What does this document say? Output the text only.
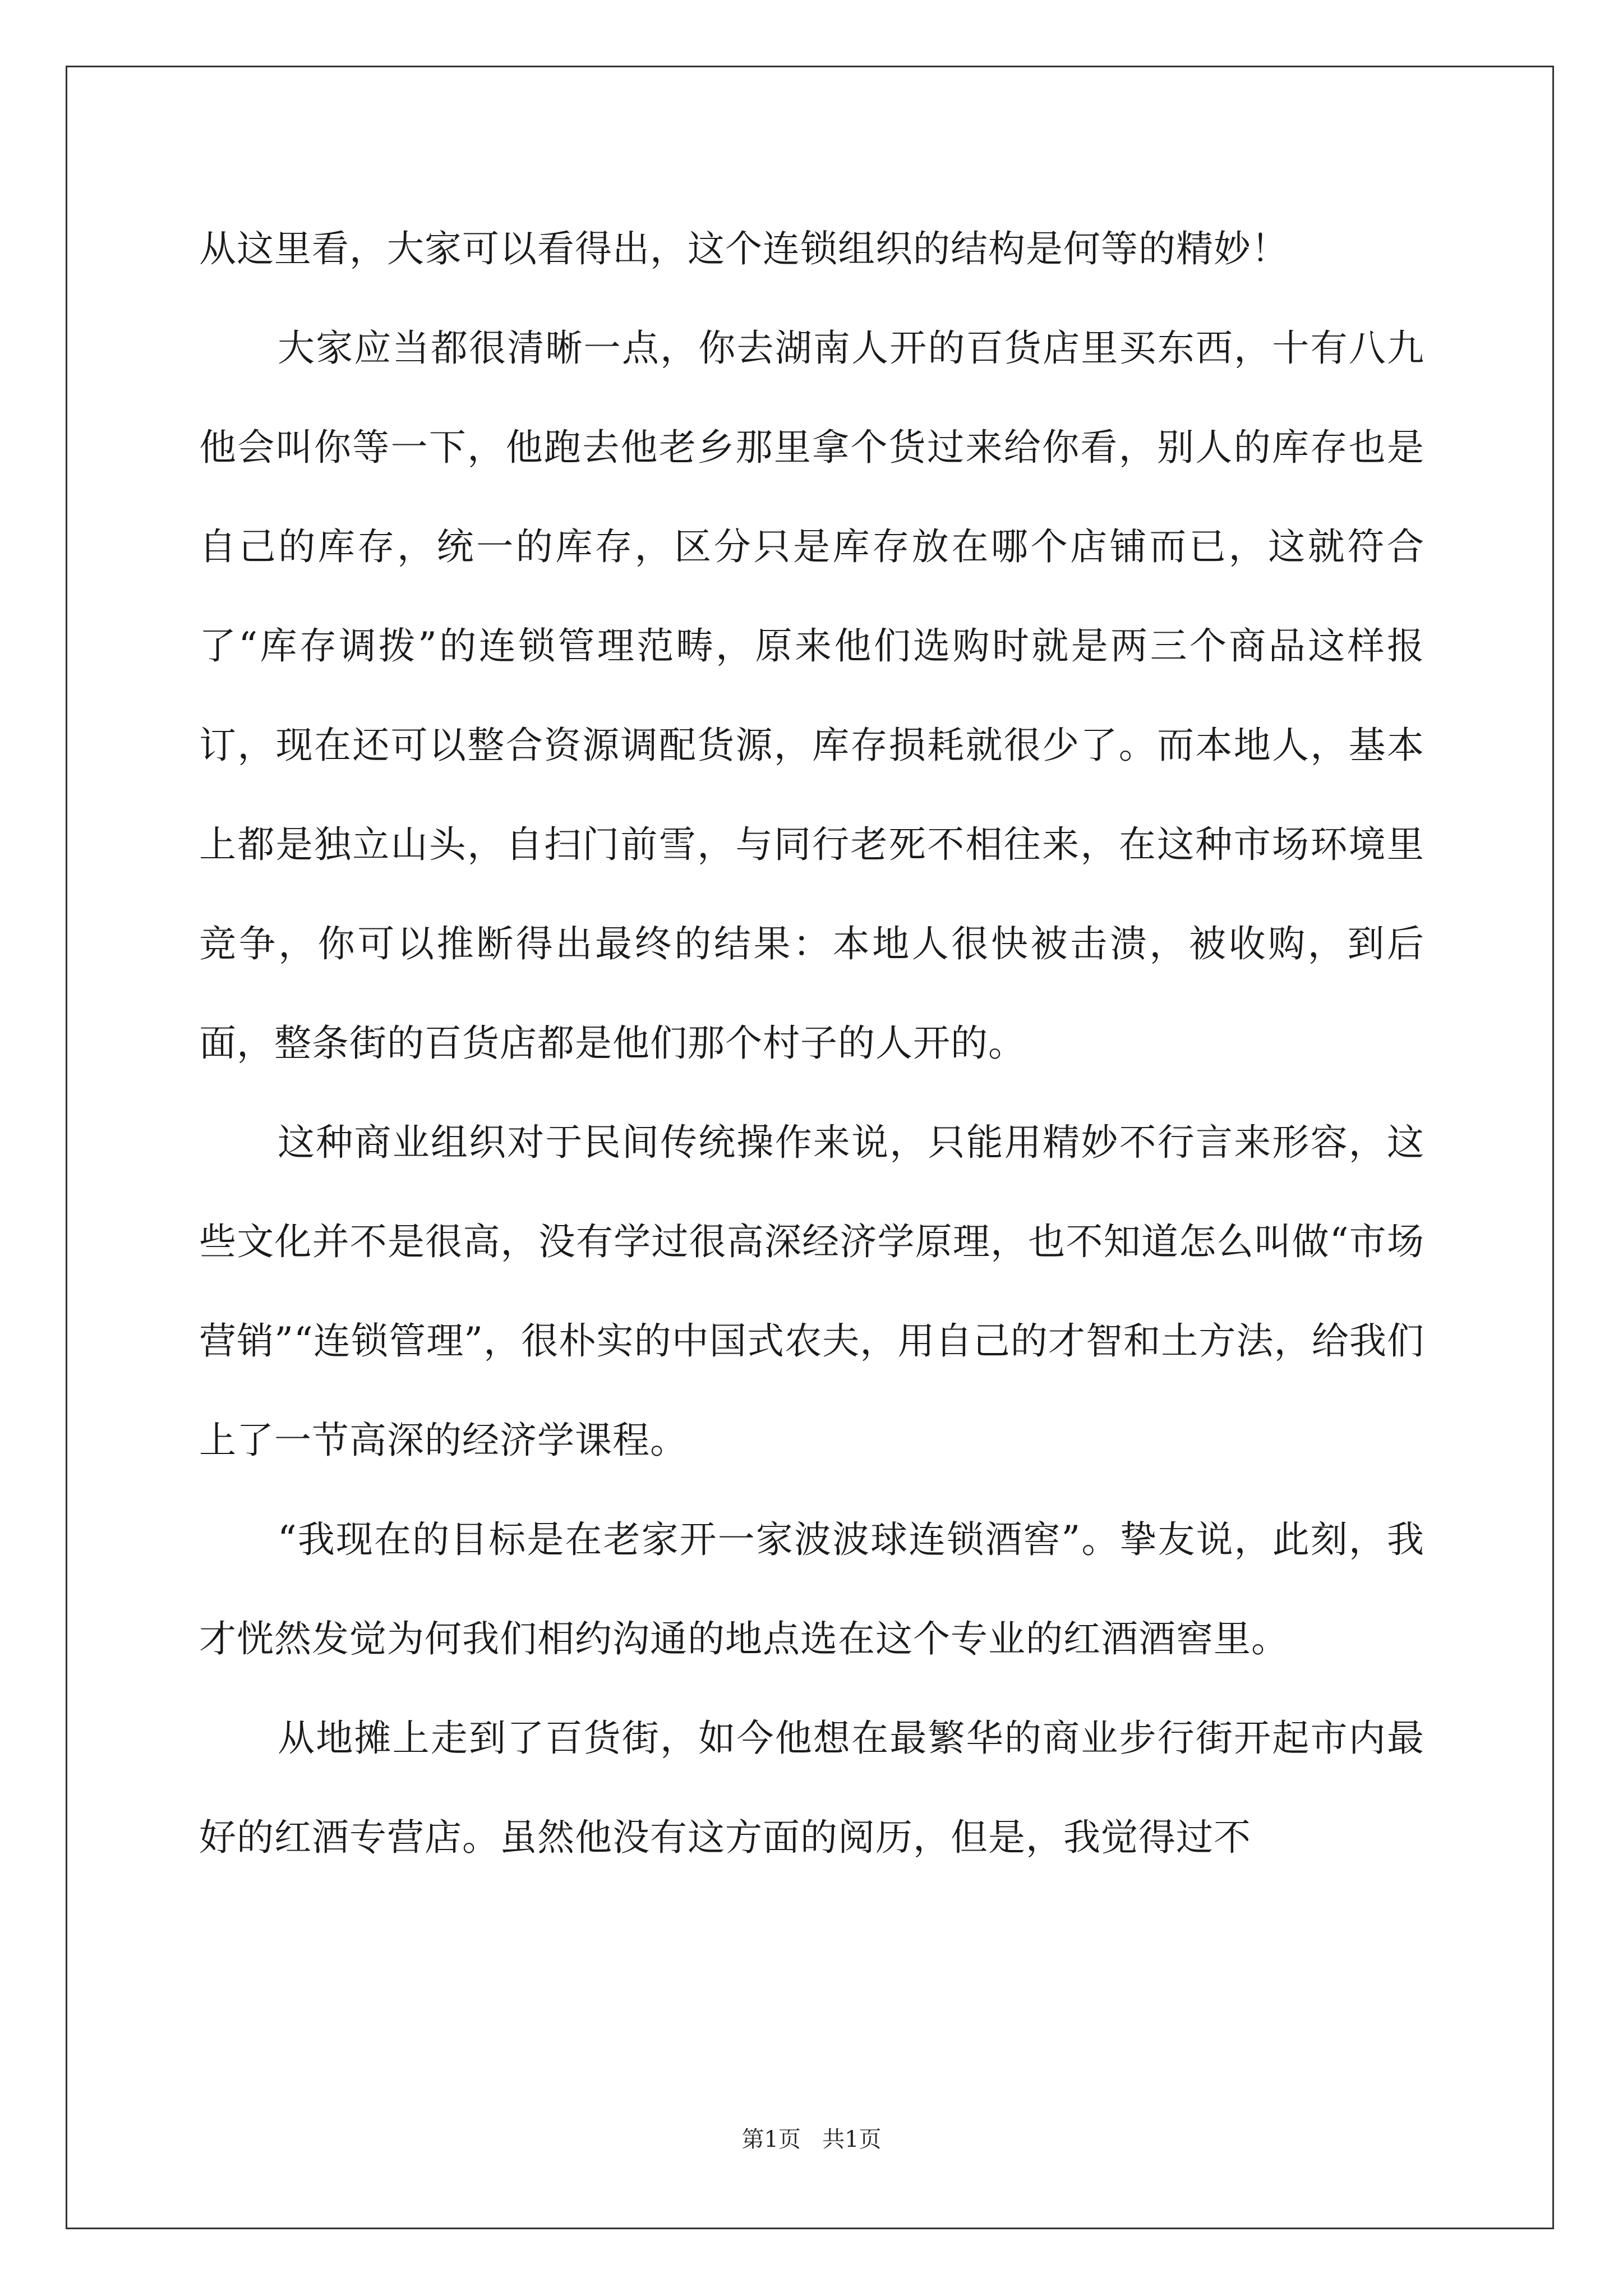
从这里看，大家可以看得出，这个连锁组织的结构是何等的精妙！

大家应当都很清晰一点，你去湖南人开的百货店里买东西，十有八九他会叫你等一下，他跑去他老乡那里拿个货过来给你看，别人的库存也是自己的库存，统一的库存，区分只是库存放在哪个店铺而已，这就符合了“库存调拨”的连锁管理范畴，原来他们选购时就是两三个商品这样报订，现在还可以整合资源调配货源，库存损耗就很少了。而本地人，基本上都是独立山头，自扫门前雪，与同行老死不相往来，在这种市场环境里竞争，你可以推断得出最终的结果：本地人很快被击溃，被收购，到后面，整条街的百货店都是他们那个村子的人开的。

这种商业组织对于民间传统操作来说，只能用精妙不行言来形容，这些文化并不是很高，没有学过很高深经济学原理，也不知道怎么叫做“市场营销”“连锁管理”，很朴实的中国式农夫，用自己的才智和土方法，给我们上了一节高深的经济学课程。

“我现在的目标是在老家开一家波波球连锁酒窖”。挚友说，此刻，我才恍然发觉为何我们相约沟通的地点选在这个专业的红酒酒窖里。

从地摊上走到了百货街，如今他想在最繁华的商业步行街开起市内最好的红酒专营店。虽然他没有这方面的阅历，但是，我觉得过不

第1页 共1页
